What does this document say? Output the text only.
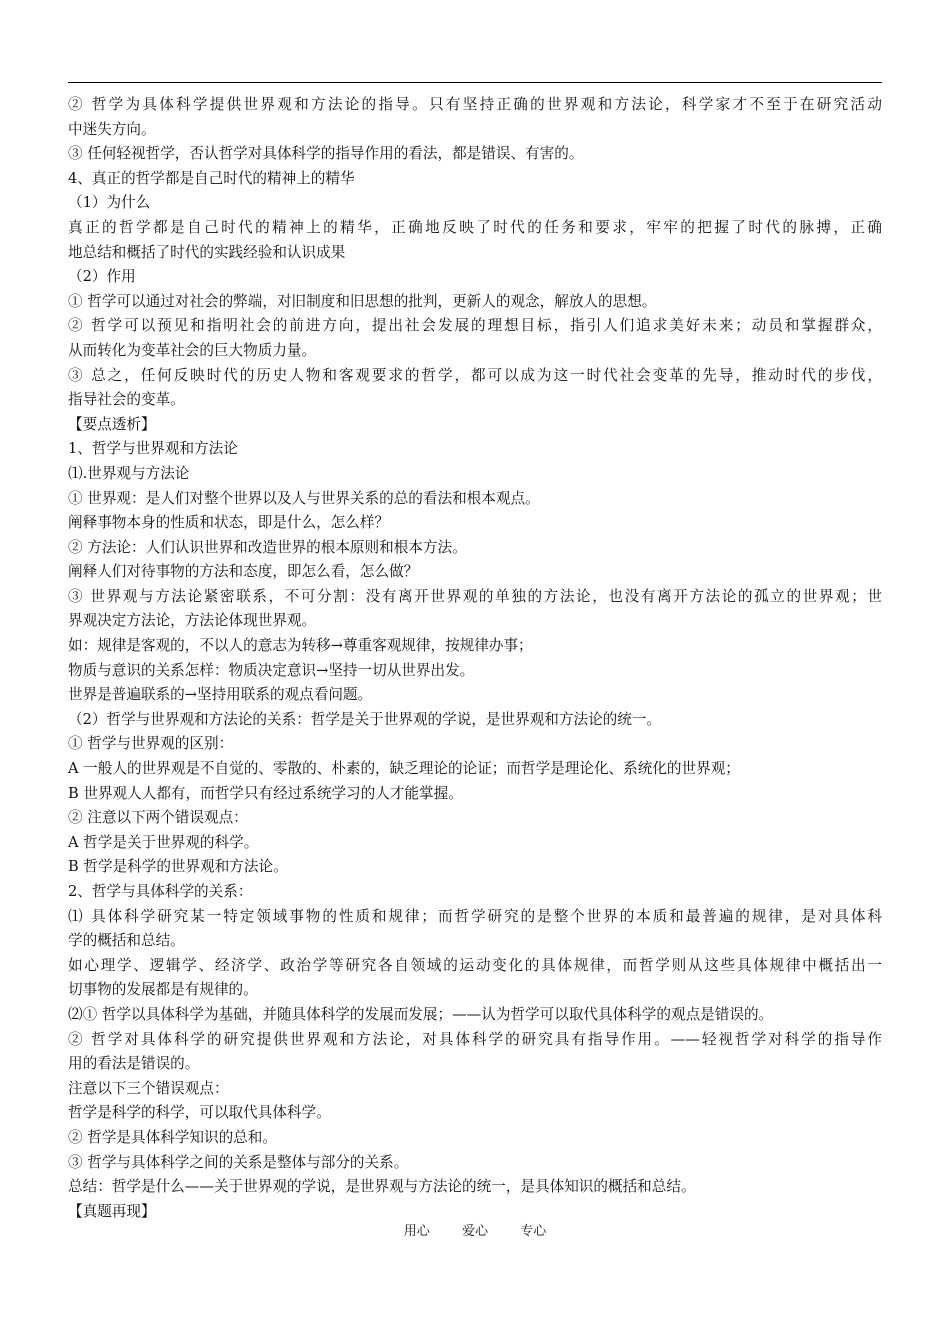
② 哲学为具体科学提供世界观和方法论的指导。只有坚持正确的世界观和方法论，科学家才不至于在研究活动
中迷失方向。
③ 任何轻视哲学，否认哲学对具体科学的指导作用的看法，都是错误、有害的。
4、真正的哲学都是自己时代的精神上的精华
（1）为什么
真正的哲学都是自己时代的精神上的精华，正确地反映了时代的任务和要求，牢牢的把握了时代的脉搏，正确
地总结和概括了时代的实践经验和认识成果
（2）作用
① 哲学可以通过对社会的弊端，对旧制度和旧思想的批判，更新人的观念，解放人的思想。
② 哲学可以预见和指明社会的前进方向，提出社会发展的理想目标，指引人们追求美好未来；动员和掌握群众，
从而转化为变革社会的巨大物质力量。
③ 总之，任何反映时代的历史人物和客观要求的哲学，都可以成为这一时代社会变革的先导，推动时代的步伐，
指导社会的变革。
【要点透析】
1、哲学与世界观和方法论
⑴.世界观与方法论
① 世界观：是人们对整个世界以及人与世界关系的总的看法和根本观点。
阐释事物本身的性质和状态，即是什么，怎么样？
② 方法论：人们认识世界和改造世界的根本原则和根本方法。
阐释人们对待事物的方法和态度，即怎么看，怎么做？
③ 世界观与方法论紧密联系，不可分割：没有离开世界观的单独的方法论，也没有离开方法论的孤立的世界观；世
界观决定方法论，方法论体现世界观。
如：规律是客观的，不以人的意志为转移→尊重客观规律，按规律办事；
物质与意识的关系怎样：物质决定意识→坚持一切从世界出发。
世界是普遍联系的→坚持用联系的观点看问题。
（2）哲学与世界观和方法论的关系：哲学是关于世界观的学说，是世界观和方法论的统一。
① 哲学与世界观的区别：
A 一般人的世界观是不自觉的、零散的、朴素的，缺乏理论的论证；而哲学是理论化、系统化的世界观；
B 世界观人人都有，而哲学只有经过系统学习的人才能掌握。
② 注意以下两个错误观点：
A 哲学是关于世界观的科学。
B 哲学是科学的世界观和方法论。
2、哲学与具体科学的关系：
⑴ 具体科学研究某一特定领域事物的性质和规律；而哲学研究的是整个世界的本质和最普遍的规律，是对具体科
学的概括和总结。
如心理学、逻辑学、经济学、政治学等研究各自领域的运动变化的具体规律，而哲学则从这些具体规律中概括出一
切事物的发展都是有规律的。
⑵① 哲学以具体科学为基础，并随具体科学的发展而发展；——认为哲学可以取代具体科学的观点是错误的。
② 哲学对具体科学的研究提供世界观和方法论，对具体科学的研究具有指导作用。——轻视哲学对科学的指导作
用的看法是错误的。
注意以下三个错误观点：
哲学是科学的科学，可以取代具体科学。
② 哲学是具体科学知识的总和。
③ 哲学与具体科学之间的关系是整体与部分的关系。
总结：哲学是什么——关于世界观的学说，是世界观与方法论的统一，是具体知识的概括和总结。
【真题再现】
用心  爱心  专心
